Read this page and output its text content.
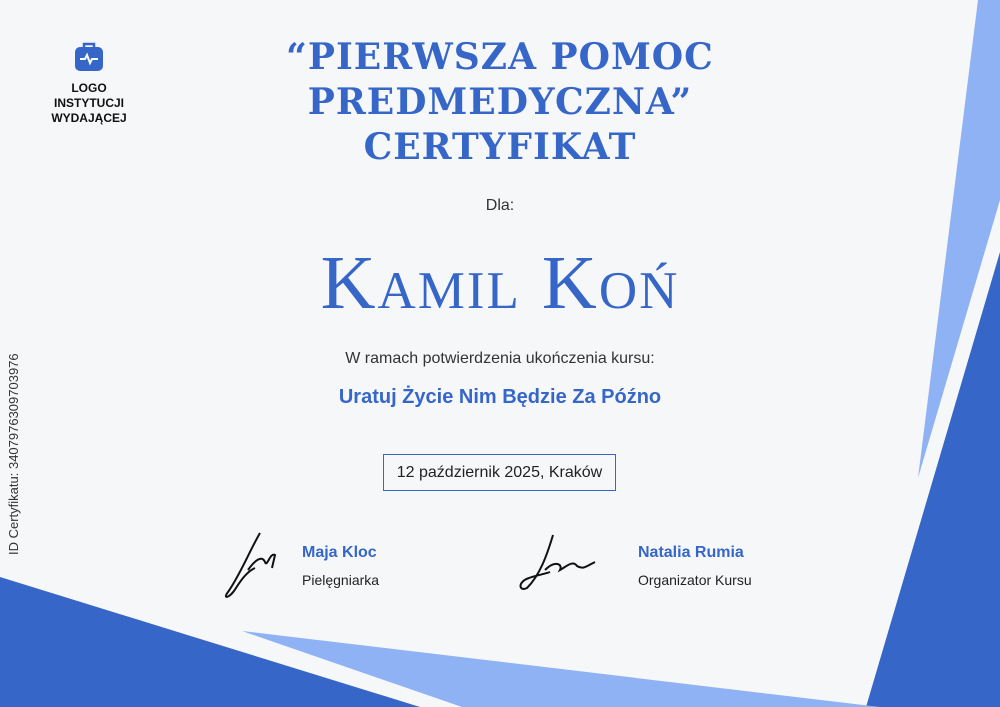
LOGO
INSTYTUCJI
WYDAJĄCEJ
“PIERWSZA POMOC
PREDMEDYCZNA”
CERTYFIKAT
Dla:
Kamil Koń
W ramach potwierdzenia ukończenia kursu:
Uratuj Życie Nim Będzie Za Późno
12 październik 2025, Kraków
ID Certyfikatu: 3407976309703976	Maja Kloc
Pielęgniarka
Natalia Rumia
Organizator Kursu
